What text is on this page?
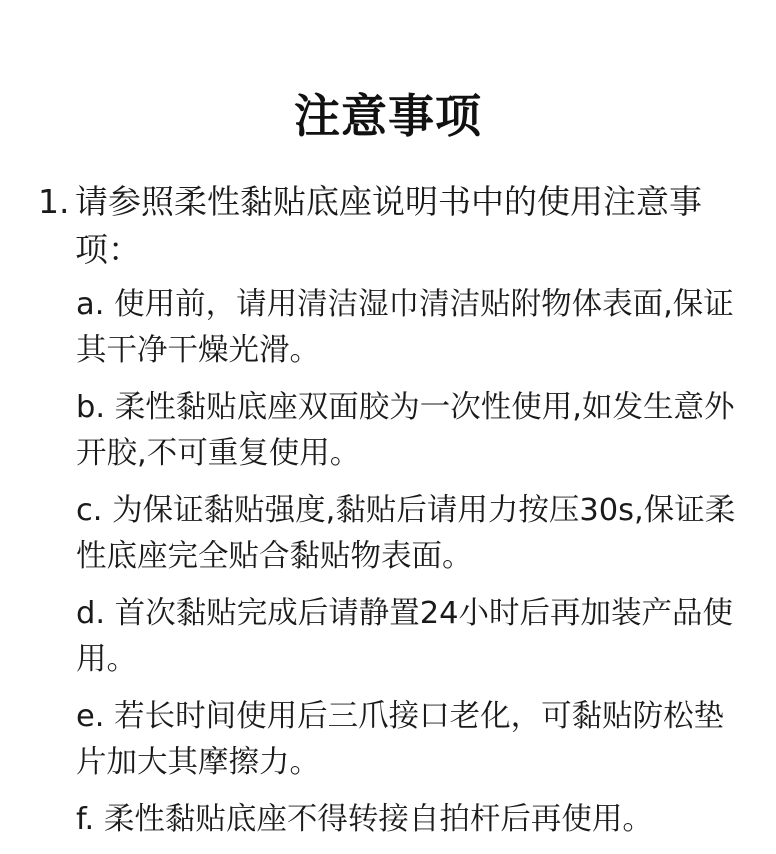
注意事项
1. 请参照柔性黏贴底座说明书中的使用注意事项：
a. 使用前，请用清洁湿巾清洁贴附物体表面,保证其干净干燥光滑。
b. 柔性黏贴底座双面胶为一次性使用,如发生意外开胶,不可重复使用。
c. 为保证黏贴强度,黏贴后请用力按压30s,保证柔性底座完全贴合黏贴物表面。
d. 首次黏贴完成后请静置24小时后再加装产品使用。
e. 若长时间使用后三爪接口老化，可黏贴防松垫片加大其摩擦力。
f. 柔性黏贴底座不得转接自拍杆后再使用。
